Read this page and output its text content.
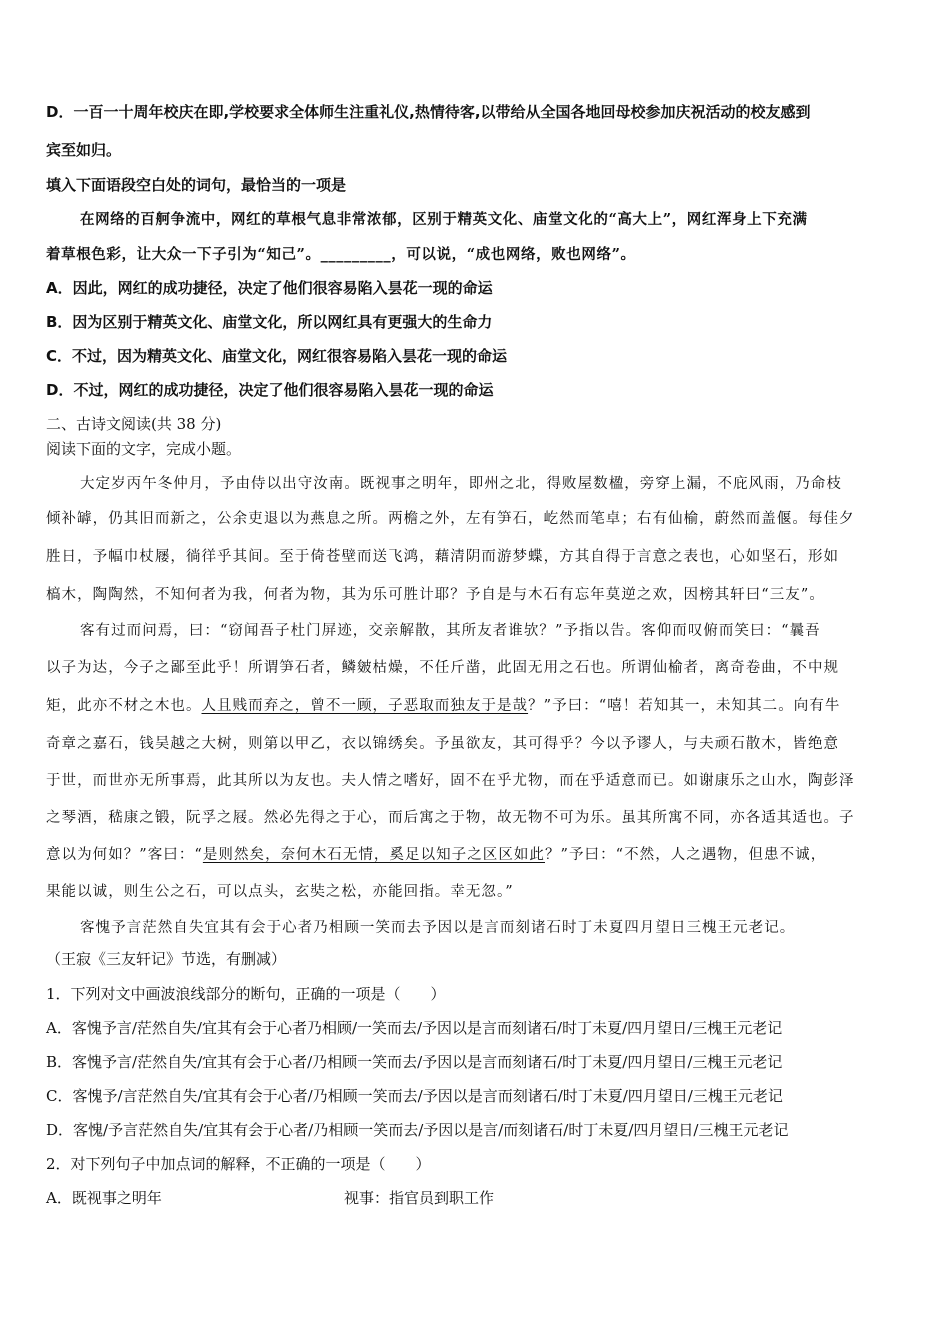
D．一百一十周年校庆在即,学校要求全体师生注重礼仪,热情待客,以带给从全国各地回母校参加庆祝活动的校友感到
宾至如归。
填入下面语段空白处的词句，最恰当的一项是
在网络的百舸争流中，网红的草根气息非常浓郁，区别于精英文化、庙堂文化的“高大上”，网红浑身上下充满
着草根色彩，让大众一下子引为“知己”。_________，可以说，“成也网络，败也网络”。
A．因此，网红的成功捷径，决定了他们很容易陷入昙花一现的命运
B．因为区别于精英文化、庙堂文化，所以网红具有更强大的生命力
C．不过，因为精英文化、庙堂文化，网红很容易陷入昙花一现的命运
D．不过，网红的成功捷径，决定了他们很容易陷入昙花一现的命运
二、古诗文阅读(共 38 分)
阅读下面的文字，完成小题。
大定岁丙午冬仲月，予由侍以出守汝南。既视事之明年，即州之北，得败屋数楹，旁穿上漏，不庇风雨，乃命枝
倾补罅，仍其旧而新之，公余吏退以为燕息之所。两檐之外，左有笋石，屹然而笔卓；右有仙榆，蔚然而盖偃。每佳夕
胜日，予幅巾杖屦，徜徉乎其间。至于倚苍壁而送飞鸿，藉清阴而游梦蝶，方其自得于言意之表也，心如坚石，形如
槁木，陶陶然，不知何者为我，何者为物，其为乐可胜计耶？予自是与木石有忘年莫逆之欢，因榜其轩曰“三友”。
客有过而问焉，曰：“窃闻吾子杜门屏迹，交亲解散，其所友者谁欤？”予指以告。客仰而叹俯而笑曰：“曩吾
以子为达，今子之鄙至此乎！所谓笋石者，鳞皴枯燥，不任斤凿，此固无用之石也。所谓仙榆者，离奇卷曲，不中规
矩，此亦不材之木也。人且贱而弃之，曾不一顾，子恶取而独友于是哉？”予曰：“嘻！若知其一，未知其二。向有牛
奇章之嘉石，钱吴越之大树，则第以甲乙，衣以锦绣矣。予虽欲友，其可得乎？今以予谬人，与夫顽石散木，皆绝意
于世，而世亦无所事焉，此其所以为友也。夫人情之嗜好，固不在乎尤物，而在乎适意而已。如谢康乐之山水，陶彭泽
之琴酒，嵇康之锻，阮孚之屐。然必先得之于心，而后寓之于物，故无物不可为乐。虽其所寓不同，亦各适其适也。子
意以为何如？”客曰：“是则然矣，奈何木石无情，奚足以知子之区区如此？”予曰：“不然，人之遇物，但患不诚，
果能以诚，则生公之石，可以点头，玄奘之松，亦能回指。幸无忽。”
客愧予言茫然自失宜其有会于心者乃相顾一笑而去予因以是言而刻诸石时丁未夏四月望日三槐王元老记。
（王寂《三友轩记》节选，有删减）
1．下列对文中画波浪线部分的断句，正确的一项是（　　）
A．客愧予言/茫然自失/宜其有会于心者乃相顾/一笑而去/予因以是言而刻诸石/时丁未夏/四月望日/三槐王元老记
B．客愧予言/茫然自失/宜其有会于心者/乃相顾一笑而去/予因以是言而刻诸石/时丁未夏/四月望日/三槐王元老记
C．客愧予/言茫然自失/宜其有会于心者/乃相顾一笑而去/予因以是言而刻诸石/时丁未夏/四月望日/三槐王元老记
D．客愧/予言茫然自失/宜其有会于心者/乃相顾一笑而去/予因以是言/而刻诸石/时丁未夏/四月望日/三槐王元老记
2．对下列句子中加点词的解释，不正确的一项是（　　）
A．既视事之明年	视事：指官员到职工作
